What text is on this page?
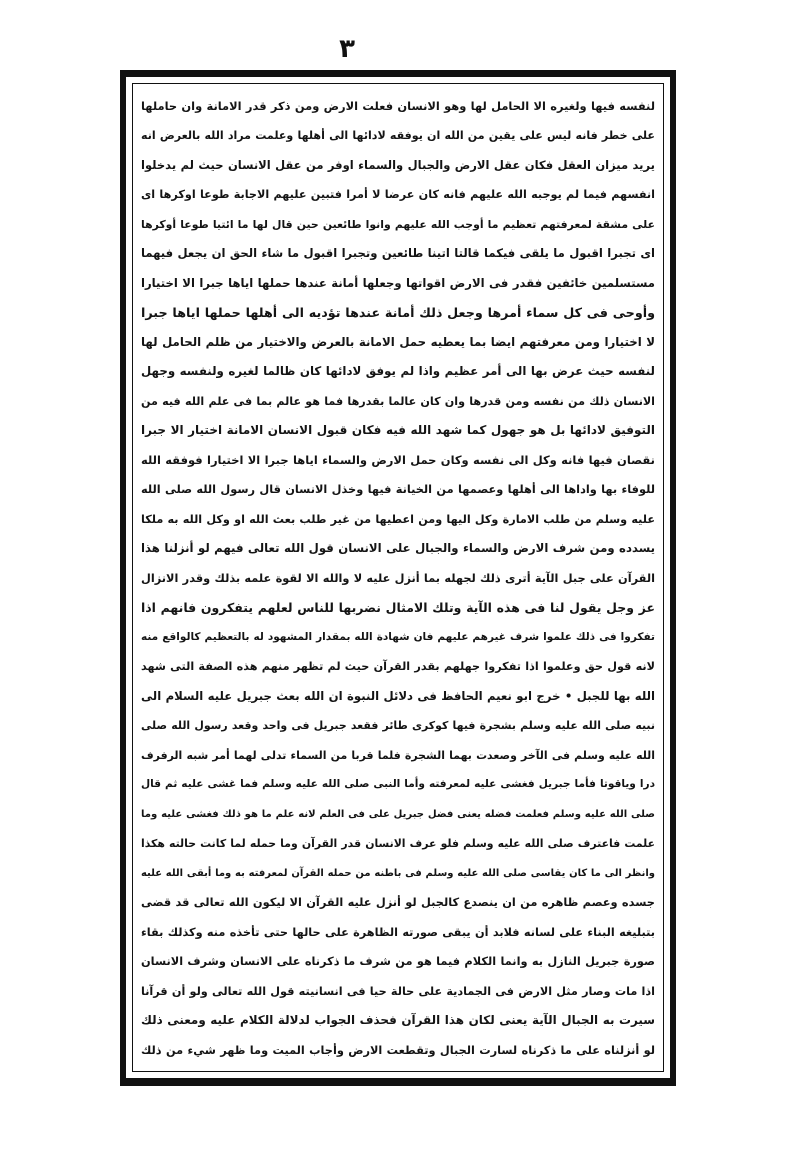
٣
لنفسه فيها ولغيره الا الحامل لها وهو الانسان فعلت الارض ومن ذكر قدر الامانة وان حاملها
على خطر فانه ليس على يقين من الله ان يوفقه لادائها الى أهلها وعلمت مراد الله بالعرض انه
يريد ميزان العقل فكان عقل الارض والجبال والسماء اوفر من عقل الانسان حيث لم يدخلوا
انفسهم فيما لم يوجبه الله عليهم فانه كان عرضا لا أمرا فتبين عليهم الاجابة طوعا اوكرها اى
على مشقة لمعرفتهم تعظيم ما أوجب الله عليهم وانوا طائعين حين قال لها ما ائتيا طوعا أوكرها
اى تجبرا اقبول ما يلقى فيكما قالتا اتينا طائعين وتجبرا اقبول ما شاء الحق ان يجعل فيهما
مستسلمين خائفين فقدر فى الارض اقواتها وجعلها أمانة عندها حملها اياها جبرا الا اختيارا
وأوحى فى كل سماء أمرها وجعل ذلك أمانة عندها تؤديه الى أهلها حملها اياها جبرا
لا اختيارا ومن معرفتهم ايضا بما يعطيه حمل الامانة بالعرض والاختيار من ظلم الحامل لها
لنفسه حيث عرض بها الى أمر عظيم واذا لم يوفق لادائها كان ظالما لغيره ولنفسه وجهل
الانسان ذلك من نفسه ومن قدرها وان كان عالما بقدرها فما هو عالم بما فى علم الله فيه من
التوفيق لادائها بل هو جهول كما شهد الله فيه فكان قبول الانسان الامانة اختيار الا جبرا
نقصان فيها فانه وكل الى نفسه وكان حمل الارض والسماء اياها جبرا الا اختيارا فوفقه الله
للوفاء بها واداها الى أهلها وعصمها من الخيانة فيها وخذل الانسان قال رسول الله صلى الله
عليه وسلم من طلب الامارة وكل اليها ومن اعطيها من غير طلب بعث الله او وكل الله به ملكا
يسدده ومن شرف الارض والسماء والجبال على الانسان قول الله تعالى فيهم لو أنزلنا هذا
القرآن على جبل الآية أترى ذلك لجهله بما أنزل عليه لا والله الا لقوة علمه بذلك وقدر الانزال
عز وجل يقول لنا فى هذه الآية وتلك الامثال نضربها للناس لعلهم يتفكرون فانهم اذا
تفكروا فى ذلك علموا شرف غيرهم عليهم فان شهادة الله بمقدار المشهود له بالتعظيم كالواقع منه
لانه قول حق وعلموا اذا تفكروا جهلهم بقدر القرآن حيث لم تظهر منهم هذه الصفة التى شهد
الله بها للجبل • خرج ابو نعيم الحافظ فى دلائل النبوة ان الله بعث جبريل عليه السلام الى
نبيه صلى الله عليه وسلم بشجرة فيها كوكرى طائر فقعد جبريل فى واحد وقعد رسول الله صلى
الله عليه وسلم فى الآخر وصعدت بهما الشجرة فلما قربا من السماء تدلى لهما أمر شبه الرفرف
درا وياقوتا فأما جبريل فغشى عليه لمعرفته وأما النبى صلى الله عليه وسلم فما غشى عليه ثم قال
صلى الله عليه وسلم فعلمت فضله يعنى فضل جبريل على فى العلم لانه علم ما هو ذلك فغشى عليه وما
علمت فاعترف صلى الله عليه وسلم فلو عرف الانسان قدر القرآن وما حمله لما كانت حالته هكذا
وانظر الى ما كان يقاسى صلى الله عليه وسلم فى باطنه من حمله القرآن لمعرفته به وما أبقى الله عليه
جسده وعصم ظاهره من ان ينصدع كالجبل لو أنزل عليه القرآن الا ليكون الله تعالى قد قضى
بتبليغه البناء على لسانه فلابد أن يبقى صورته الظاهرة على حالها حتى تأخذه منه وكذلك بقاء
صورة جبريل النازل به وانما الكلام فيما هو من شرف ما ذكرناه على الانسان وشرف الانسان
اذا مات وصار مثل الارض فى الجمادية على حالة حيا فى انسانيته قول الله تعالى ولو أن قرآنا
سيرت به الجبال الآية يعنى لكان هذا القرآن فحذف الجواب لدلالة الكلام عليه ومعنى ذلك
لو أنزلناه على ما ذكرناه لسارت الجبال وتقطعت الارض وأجاب الميت وما ظهر شيء من ذلك
